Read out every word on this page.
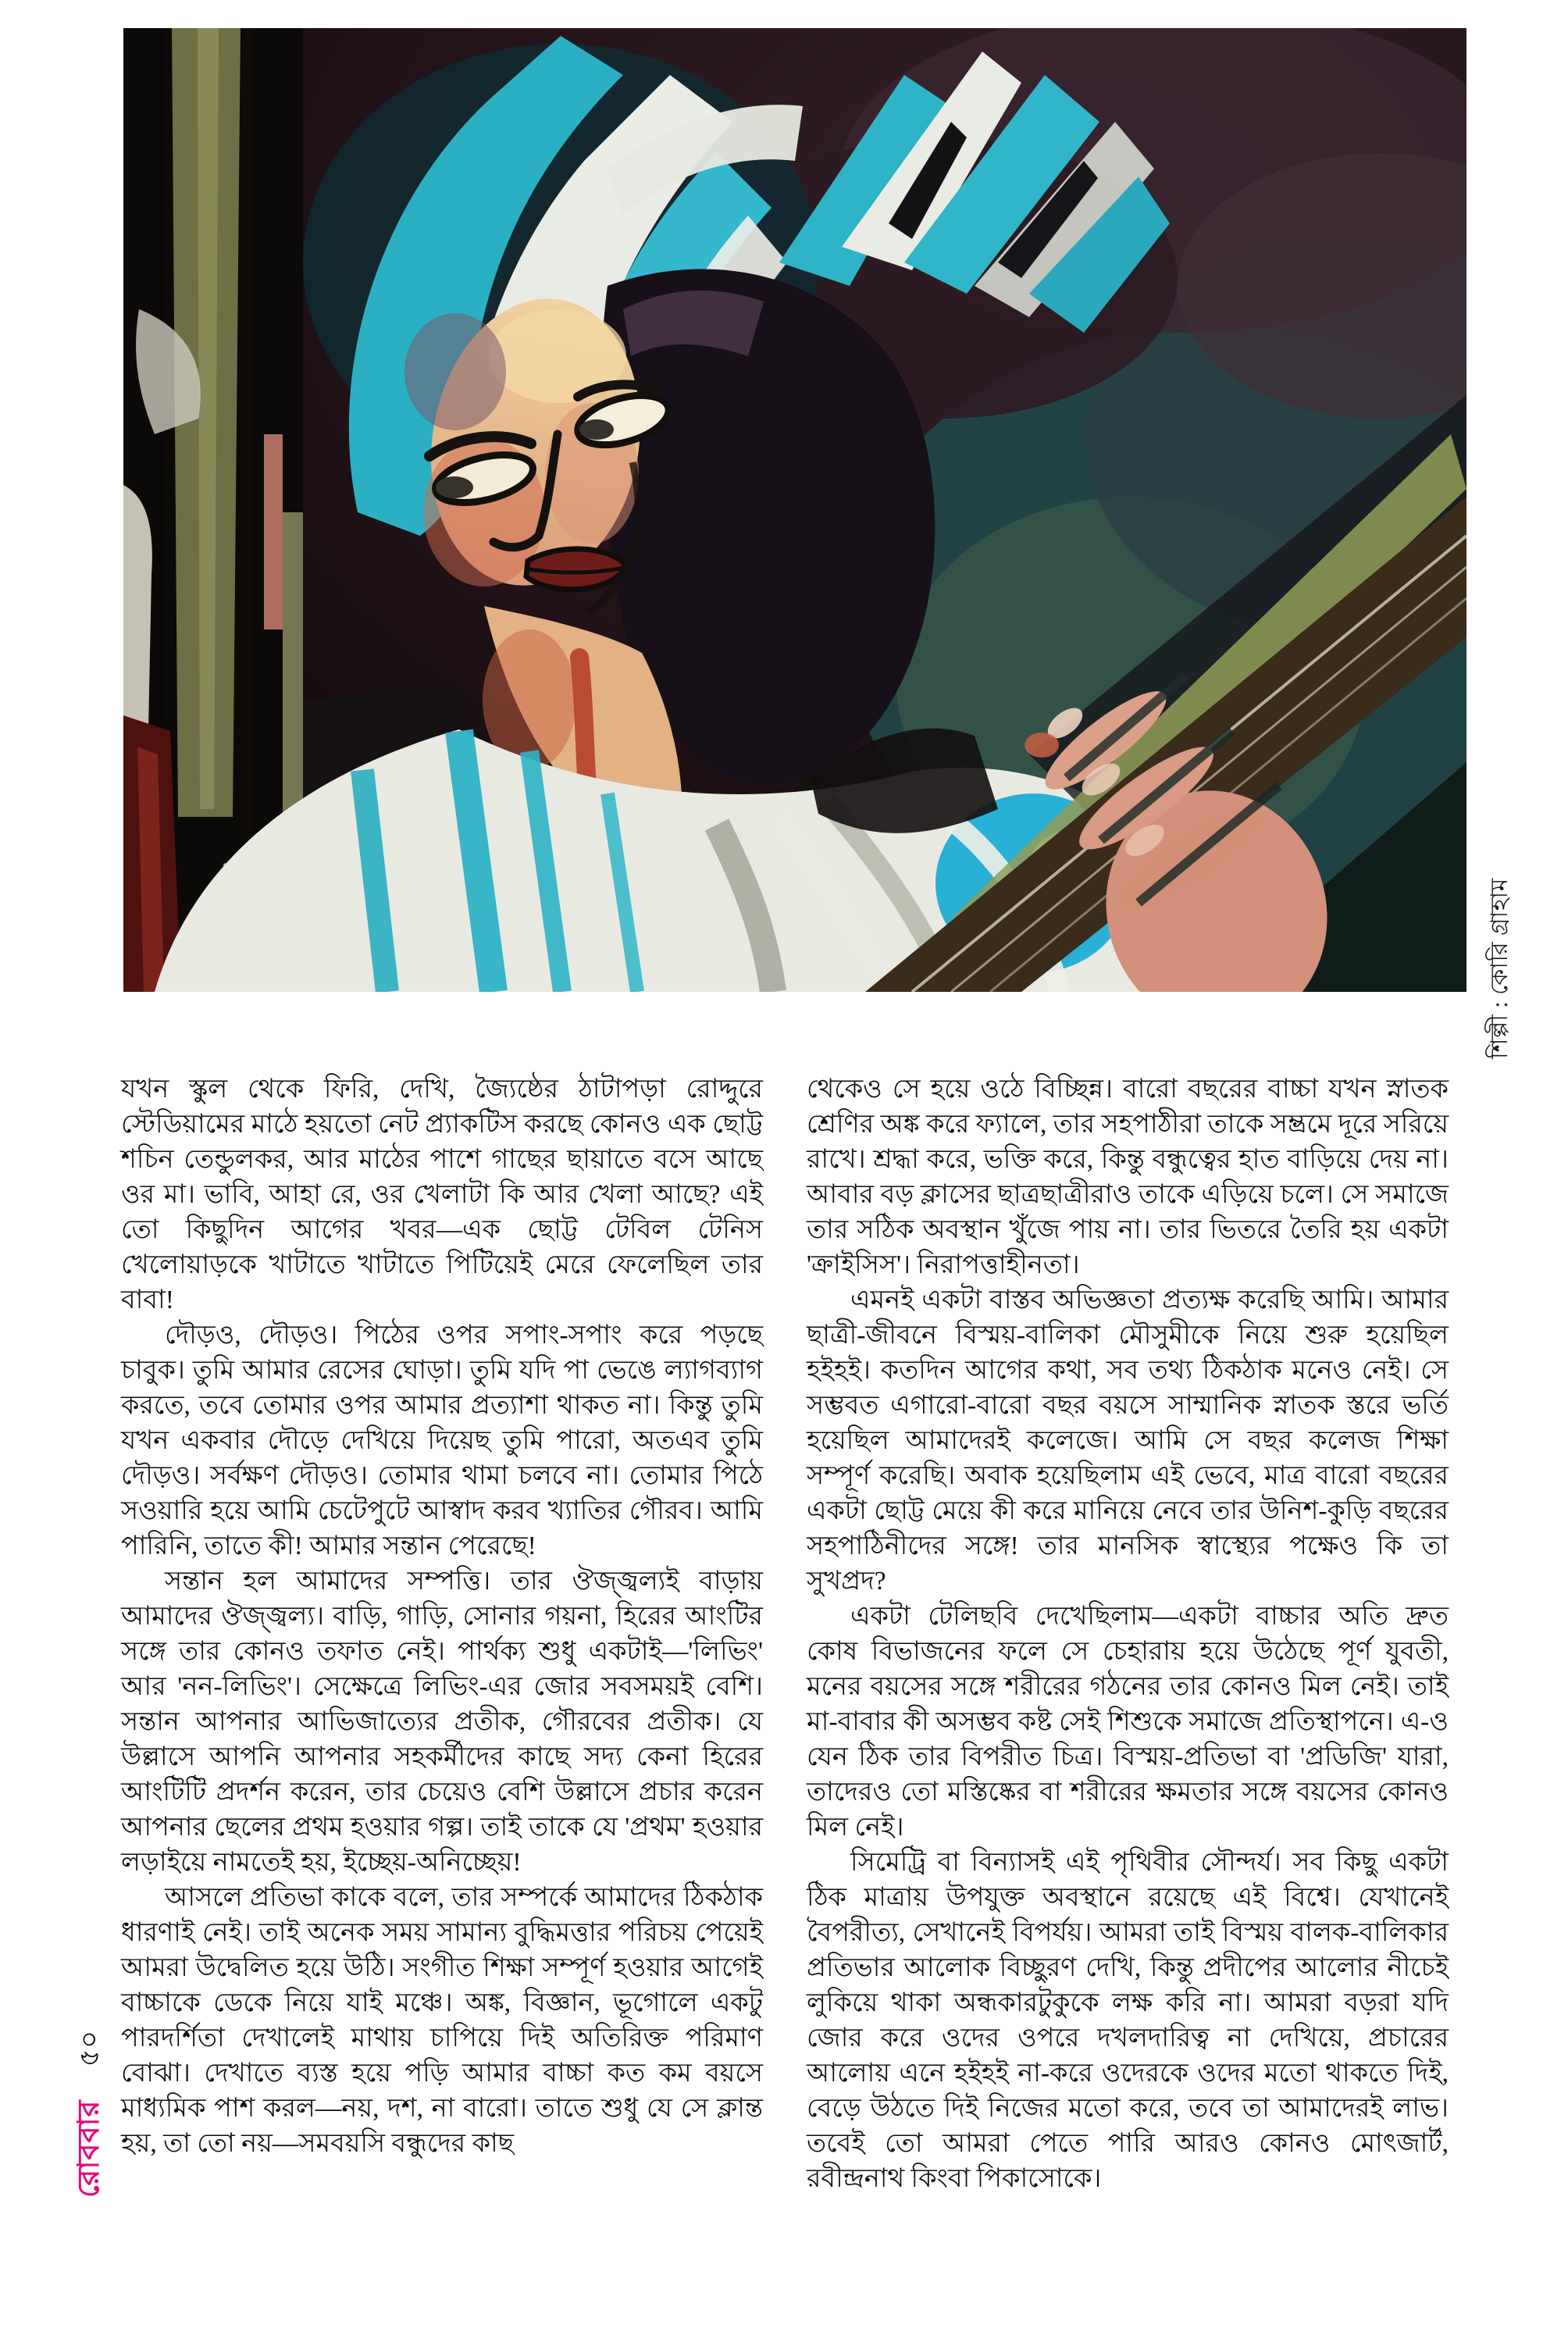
শিল্পী : কোরি গ্রাহাম
রোববার৫০

যখন স্কুল থেকে ফিরি, দেখি, জ্যৈষ্ঠের ঠাটাপড়া রোদ্দুরে স্টেডিয়ামের মাঠে হয়তো নেট প্র্যাকটিস করছে কোনও এক ছোট্ট শচিন তেন্ডুলকর, আর মাঠের পাশে গাছের ছায়াতে বসে আছে ওর মা। ভাবি, আহা রে, ওর খেলাটা কি আর খেলা আছে? এই তো কিছুদিন আগের খবর—এক ছোট্ট টেবিল টেনিস খেলোয়াড়কে খাটাতে খাটাতে পিটিয়েই মেরে ফেলেছিল তার বাবা!

দৌড়ও, দৌড়ও। পিঠের ওপর সপাং-সপাং করে পড়ছে চাবুক। তুমি আমার রেসের ঘোড়া। তুমি যদি পা ভেঙে ল্যাগব্যাগ করতে, তবে তোমার ওপর আমার প্রত্যাশা থাকত না। কিন্তু তুমি যখন একবার দৌড়ে দেখিয়ে দিয়েছ তুমি পারো, অতএব তুমি দৌড়ও। সর্বক্ষণ দৌড়ও। তোমার থামা চলবে না। তোমার পিঠে সওয়ারি হয়ে আমি চেটেপুটে আস্বাদ করব খ্যাতির গৌরব। আমি পারিনি, তাতে কী! আমার সন্তান পেরেছে!

সন্তান হল আমাদের সম্পত্তি। তার ঔজ্জ্বল্যই বাড়ায় আমাদের ঔজ্জ্বল্য। বাড়ি, গাড়ি, সোনার গয়না, হিরের আংটির সঙ্গে তার কোনও তফাত নেই। পার্থক্য শুধু একটাই—'লিভিং' আর 'নন-লিভিং'। সেক্ষেত্রে লিভিং-এর জোর সবসময়ই বেশি। সন্তান আপনার আভিজাত্যের প্রতীক, গৌরবের প্রতীক। যে উল্লাসে আপনি আপনার সহকর্মীদের কাছে সদ্য কেনা হিরের আংটিটি প্রদর্শন করেন, তার চেয়েও বেশি উল্লাসে প্রচার করেন আপনার ছেলের প্রথম হওয়ার গল্প। তাই তাকে যে 'প্রথম' হওয়ার লড়াইয়ে নামতেই হয়, ইচ্ছেয়-অনিচ্ছেয়!

আসলে প্রতিভা কাকে বলে, তার সম্পর্কে আমাদের ঠিকঠাক ধারণাই নেই। তাই অনেক সময় সামান্য বুদ্ধিমত্তার পরিচয় পেয়েই আমরা উদ্বেলিত হয়ে উঠি। সংগীত শিক্ষা সম্পূর্ণ হওয়ার আগেই বাচ্চাকে ডেকে নিয়ে যাই মঞ্চে। অঙ্ক, বিজ্ঞান, ভূগোলে একটু পারদর্শিতা দেখালেই মাথায় চাপিয়ে দিই অতিরিক্ত পরিমাণ বোঝা। দেখাতে ব্যস্ত হয়ে পড়ি আমার বাচ্চা কত কম বয়সে মাধ্যমিক পাশ করল—নয়, দশ, না বারো। তাতে শুধু যে সে ক্লান্ত হয়, তা তো নয়—সমবয়সি বন্ধুদের কাছ

থেকেও সে হয়ে ওঠে বিচ্ছিন্ন। বারো বছরের বাচ্চা যখন স্নাতক শ্রেণির অঙ্ক করে ফ্যালে, তার সহপাঠীরা তাকে সম্ভ্রমে দূরে সরিয়ে রাখে। শ্রদ্ধা করে, ভক্তি করে, কিন্তু বন্ধুত্বের হাত বাড়িয়ে দেয় না। আবার বড় ক্লাসের ছাত্রছাত্রীরাও তাকে এড়িয়ে চলে। সে সমাজে তার সঠিক অবস্থান খুঁজে পায় না। তার ভিতরে তৈরি হয় একটা 'ক্রাইসিস'। নিরাপত্তাহীনতা।

এমনই একটা বাস্তব অভিজ্ঞতা প্রত্যক্ষ করেছি আমি। আমার ছাত্রী-জীবনে বিস্ময়-বালিকা মৌসুমীকে নিয়ে শুরু হয়েছিল হইহই। কতদিন আগের কথা, সব তথ্য ঠিকঠাক মনেও নেই। সে সম্ভবত এগারো-বারো বছর বয়সে সাম্মানিক স্নাতক স্তরে ভর্তি হয়েছিল আমাদেরই কলেজে। আমি সে বছর কলেজ শিক্ষা সম্পূর্ণ করেছি। অবাক হয়েছিলাম এই ভেবে, মাত্র বারো বছরের একটা ছোট্ট মেয়ে কী করে মানিয়ে নেবে তার উনিশ-কুড়ি বছরের সহপাঠিনীদের সঙ্গে! তার মানসিক স্বাস্থ্যের পক্ষেও কি তা সুখপ্রদ?

একটা টেলিছবি দেখেছিলাম—একটা বাচ্চার অতি দ্রুত কোষ বিভাজনের ফলে সে চেহারায় হয়ে উঠেছে পূর্ণ যুবতী, মনের বয়সের সঙ্গে শরীরের গঠনের তার কোনও মিল নেই। তাই মা-বাবার কী অসম্ভব কষ্ট সেই শিশুকে সমাজে প্রতিস্থাপনে। এ-ও যেন ঠিক তার বিপরীত চিত্র। বিস্ময়-প্রতিভা বা 'প্রডিজি' যারা, তাদেরও তো মস্তিষ্কের বা শরীরের ক্ষমতার সঙ্গে বয়সের কোনও মিল নেই।

সিমেট্রি বা বিন্যাসই এই পৃথিবীর সৌন্দর্য। সব কিছু একটা ঠিক মাত্রায় উপযুক্ত অবস্থানে রয়েছে এই বিশ্বে। যেখানেই বৈপরীত্য, সেখানেই বিপর্যয়। আমরা তাই বিস্ময় বালক-বালিকার প্রতিভার আলোক বিচ্ছুরণ দেখি, কিন্তু প্রদীপের আলোর নীচেই লুকিয়ে থাকা অন্ধকারটুকুকে লক্ষ করি না। আমরা বড়রা যদি জোর করে ওদের ওপরে দখলদারিত্ব না দেখিয়ে, প্রচারের আলোয় এনে হইহই না-করে ওদেরকে ওদের মতো থাকতে দিই, বেড়ে উঠতে দিই নিজের মতো করে, তবে তা আমাদেরই লাভ। তবেই তো আমরা পেতে পারি আরও কোনও মোৎজার্ট, রবীন্দ্রনাথ কিংবা পিকাসোকে।
